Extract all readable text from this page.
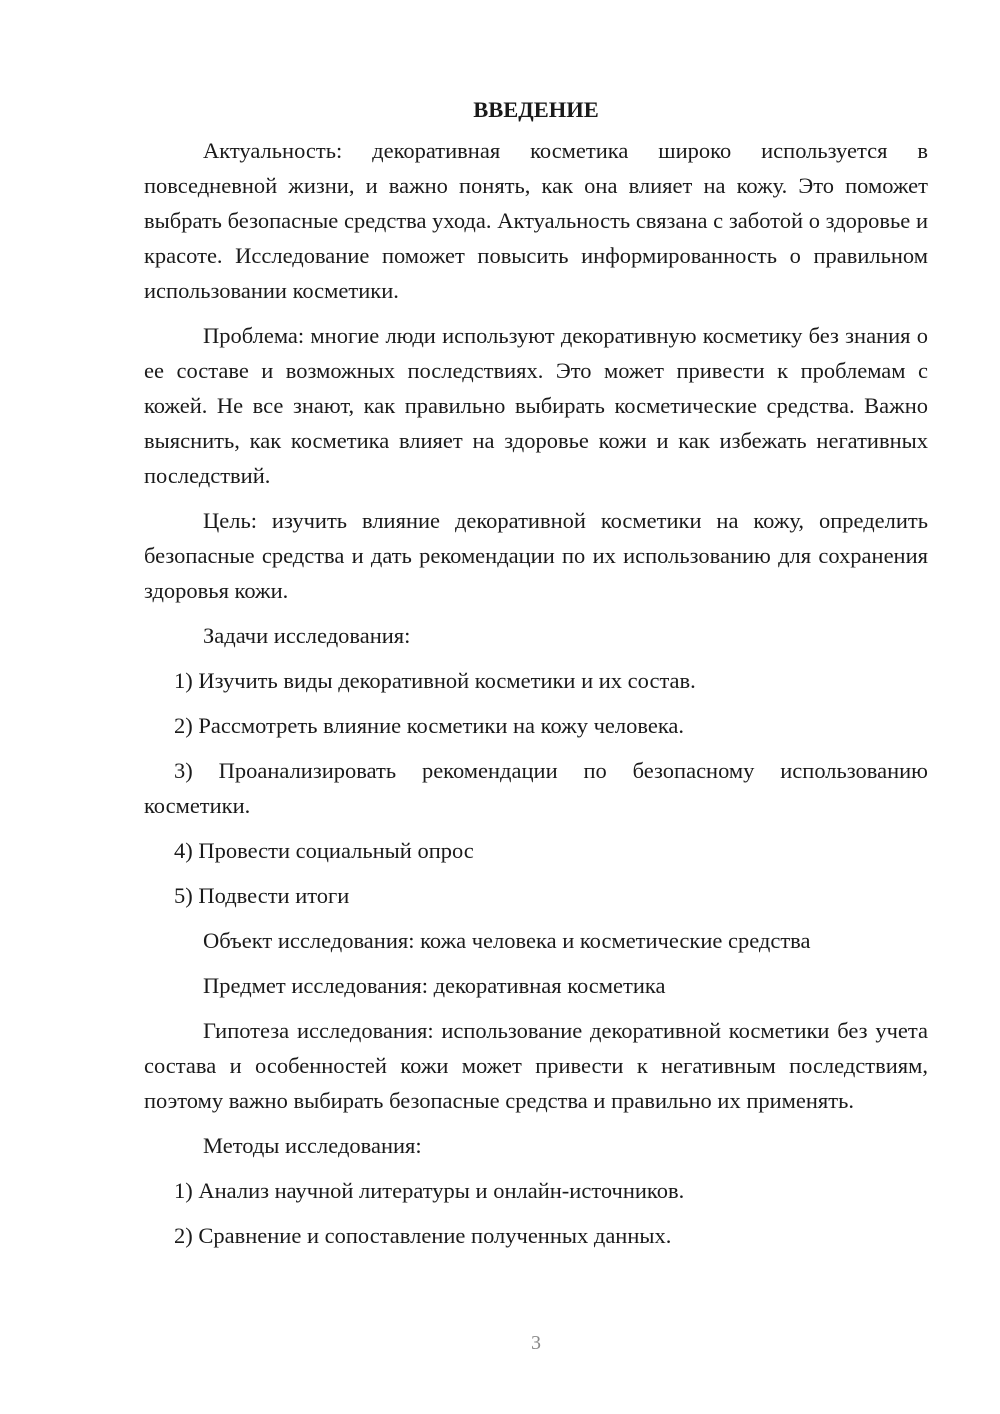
ВВЕДЕНИЕ

Актуальность: декоративная косметика широко используется в повседневной жизни, и важно понять, как она влияет на кожу. Это поможет выбрать безопасные средства ухода. Актуальность связана с заботой о здоровье и красоте. Исследование поможет повысить информированность о правильном использовании косметики.

Проблема: многие люди используют декоративную косметику без знания о ее составе и возможных последствиях. Это может привести к проблемам с кожей. Не все знают, как правильно выбирать косметические средства. Важно выяснить, как косметика влияет на здоровье кожи и как избежать негативных последствий.

Цель: изучить влияние декоративной косметики на кожу, определить безопасные средства и дать рекомендации по их использованию для сохранения здоровья кожи.

Задачи исследования:

1) Изучить виды декоративной косметики и их состав.

2) Рассмотреть влияние косметики на кожу человека.

3) Проанализировать рекомендации по безопасному использованию косметики.

4) Провести социальный опрос

5) Подвести итоги

Объект исследования: кожа человека и косметические средства

Предмет исследования: декоративная косметика

Гипотеза исследования: использование декоративной косметики без учета состава и особенностей кожи может привести к негативным последствиям, поэтому важно выбирать безопасные средства и правильно их применять.

Методы исследования:

1) Анализ научной литературы и онлайн-источников.

2) Сравнение и сопоставление полученных данных.

3
